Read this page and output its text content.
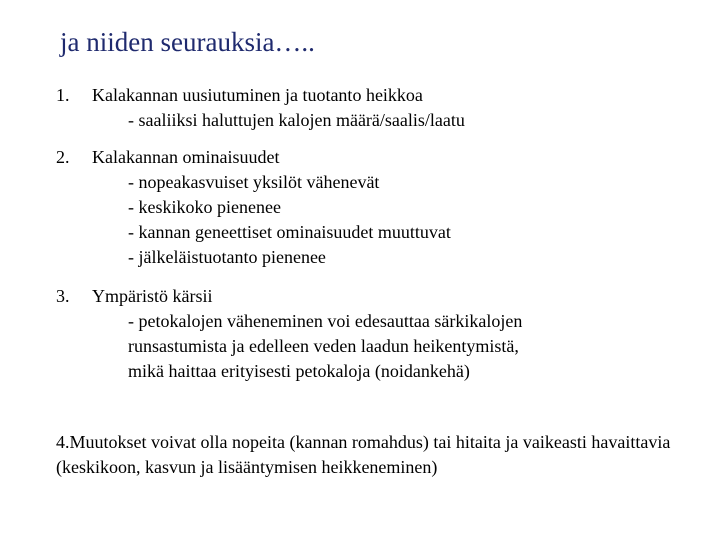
ja niiden seurauksia…..
1.	Kalakannan uusiutuminen ja tuotanto heikkoa
- saaliiksi haluttujen kalojen määrä/saalis/laatu
2.	Kalakannan ominaisuudet
- nopeakasvuiset yksilöt vähenevät
- keskikoko pienenee
- kannan geneettiset ominaisuudet muuttuvat
- jälkeläistuotanto pienenee
3.	Ympäristö kärsii
- petokalojen väheneminen voi edesauttaa särkikalojen
runsastumista ja edelleen veden laadun heikentymistä,
mikä haittaa erityisesti petokaloja (noidankehä)
4.Muutokset voivat olla nopeita (kannan romahdus) tai hitaita ja vaikeasti havaittavia (keskikoon, kasvun ja lisääntymisen heikkeneminen)
